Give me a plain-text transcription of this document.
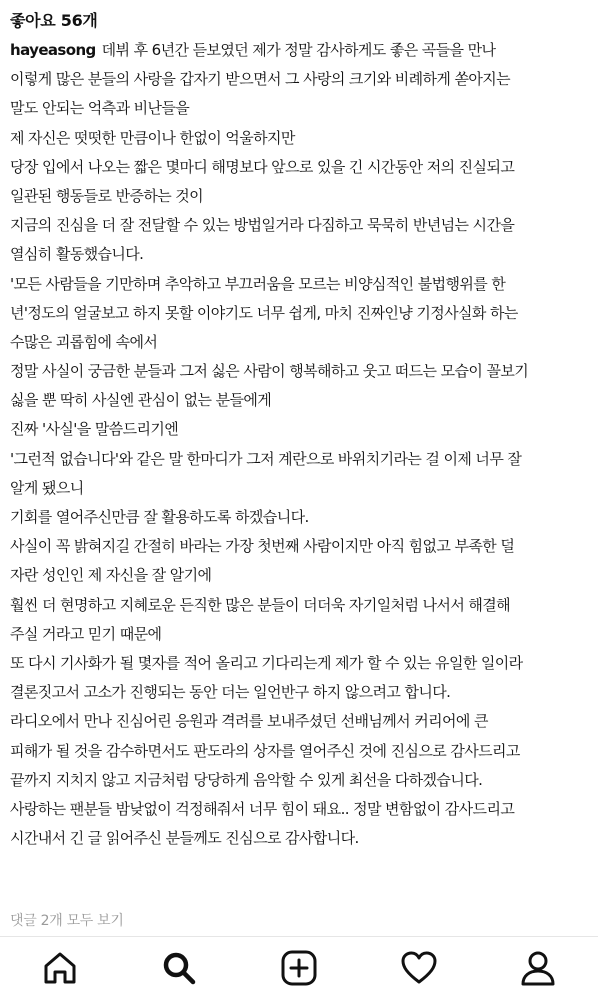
좋아요 56개
hayeasong 데뷔 후 6년간 듣보였던 제가 정말 감사하게도 좋은 곡들을 만나
이렇게 많은 분들의 사랑을 갑자기 받으면서 그 사랑의 크기와 비례하게 쏟아지는
말도 안되는 억측과 비난들을
제 자신은 떳떳한 만큼이나 한없이 억울하지만
당장 입에서 나오는 짧은 몇마디 해명보다 앞으로 있을 긴 시간동안 저의 진실되고
일관된 행동들로 반증하는 것이
지금의 진심을 더 잘 전달할 수 있는 방법일거라 다짐하고 묵묵히 반년넘는 시간을
열심히 활동했습니다.
'모든 사람들을 기만하며 추악하고 부끄러움을 모르는 비양심적인 불법행위를 한
년'정도의 얼굴보고 하지 못할 이야기도 너무 쉽게, 마치 진짜인냥 기정사실화 하는
수많은 괴롭힘에 속에서
정말 사실이 궁금한 분들과 그저 싫은 사람이 행복해하고 웃고 떠드는 모습이 꼴보기
싫을 뿐 딱히 사실엔 관심이 없는 분들에게
진짜 '사실'을 말씀드리기엔
'그런적 없습니다'와 같은 말 한마디가 그저 계란으로 바위치기라는 걸 이제 너무 잘
알게 됐으니
기회를 열어주신만큼 잘 활용하도록 하겠습니다.
사실이 꼭 밝혀지길 간절히 바라는 가장 첫번째 사람이지만 아직 힘없고 부족한 덜
자란 성인인 제 자신을 잘 알기에
훨씬 더 현명하고 지혜로운 든직한 많은 분들이 더더욱 자기일처럼 나서서 해결해
주실 거라고 믿기 때문에
또 다시 기사화가 될 몇자를 적어 올리고 기다리는게 제가 할 수 있는 유일한 일이라
결론짓고서 고소가 진행되는 동안 더는 일언반구 하지 않으려고 합니다.
라디오에서 만나 진심어린 응원과 격려를 보내주셨던 선배님께서 커리어에 큰
피해가 될 것을 감수하면서도 판도라의 상자를 열어주신 것에 진심으로 감사드리고
끝까지 지치지 않고 지금처럼 당당하게 음악할 수 있게 최선을 다하겠습니다.
사랑하는 팬분들 밤낮없이 걱정해줘서 너무 힘이 돼요.. 정말 변함없이 감사드리고
시간내서 긴 글 읽어주신 분들께도 진심으로 감사합니다.
댓글 2개 모두 보기
